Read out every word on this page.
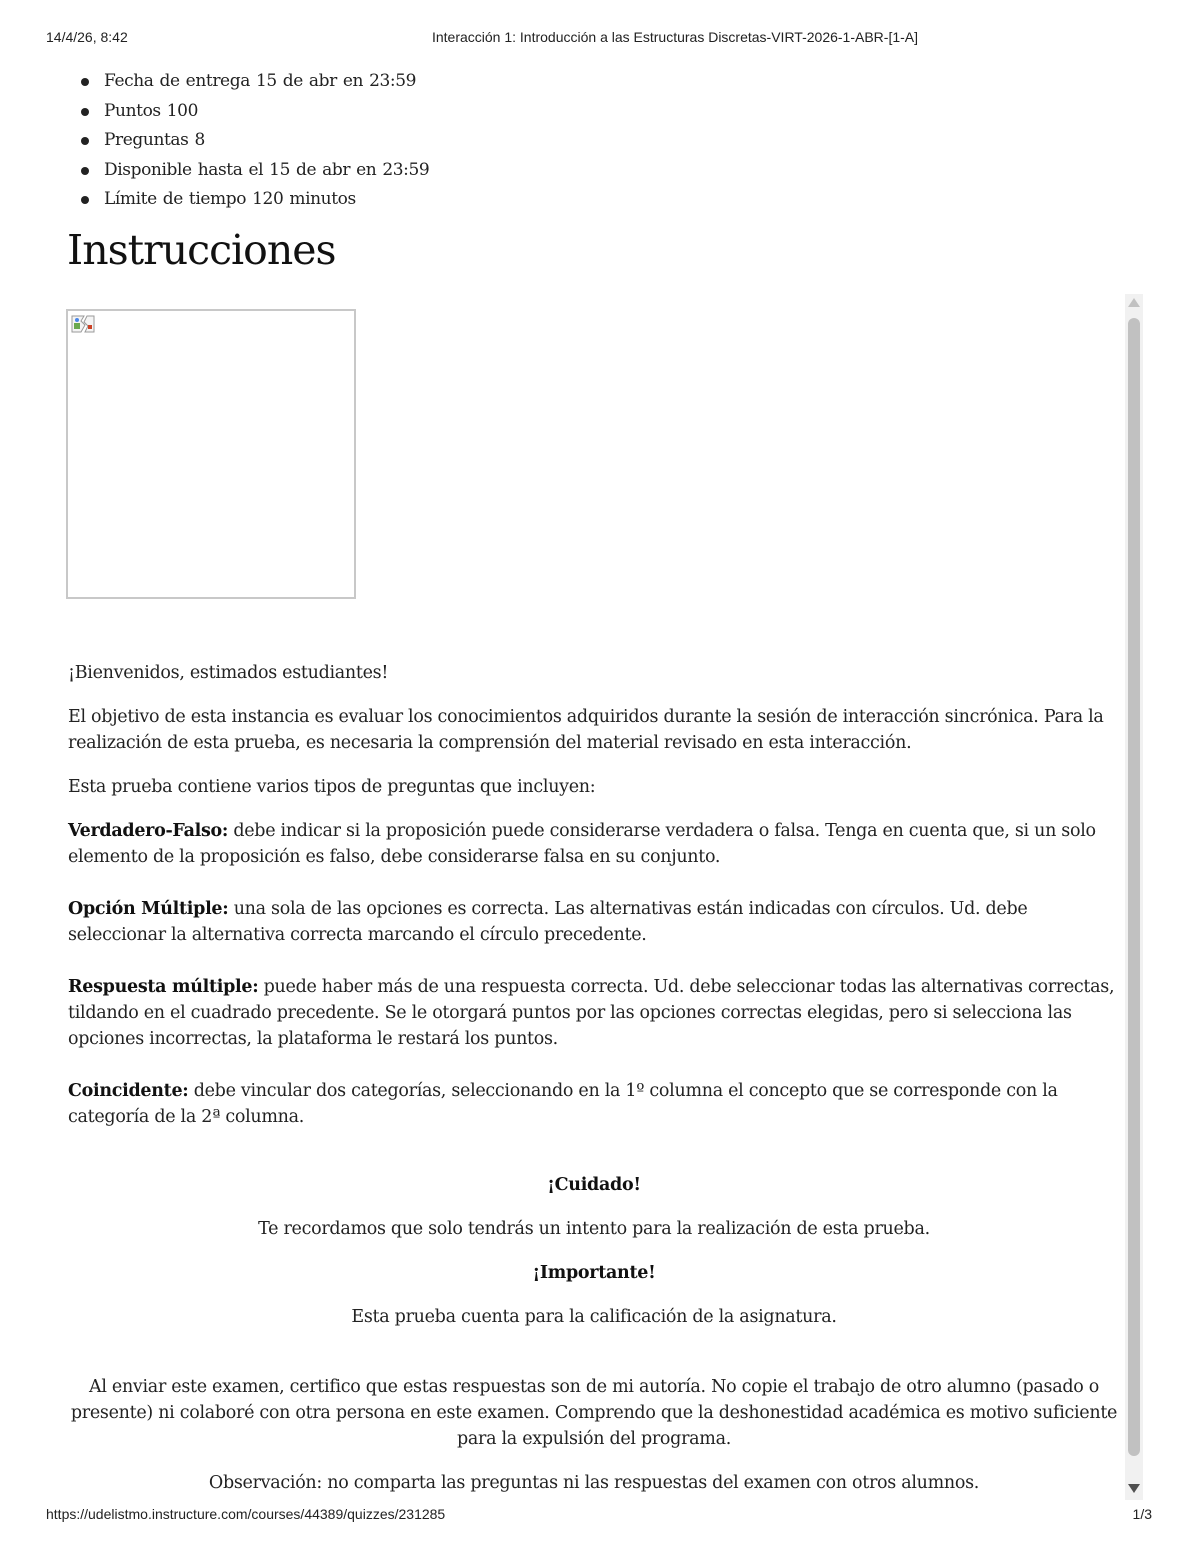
14/4/26, 8:42	Interacción 1: Introducción a las Estructuras Discretas-VIRT-2026-1-ABR-[1-A]
Fecha de entrega 15 de abr en 23:59
Puntos 100
Preguntas 8
Disponible hasta el 15 de abr en 23:59
Límite de tiempo 120 minutos
Instrucciones

¡Bienvenidos, estimados estudiantes!

El objetivo de esta instancia es evaluar los conocimientos adquiridos durante la sesión de interacción sincrónica. Para la realización de esta prueba, es necesaria la comprensión del material revisado en esta interacción.

Esta prueba contiene varios tipos de preguntas que incluyen:

Verdadero-Falso: debe indicar si la proposición puede considerarse verdadera o falsa. Tenga en cuenta que, si un solo elemento de la proposición es falso, debe considerarse falsa en su conjunto.

Opción Múltiple: una sola de las opciones es correcta. Las alternativas están indicadas con círculos. Ud. debe seleccionar la alternativa correcta marcando el círculo precedente.

Respuesta múltiple: puede haber más de una respuesta correcta. Ud. debe seleccionar todas las alternativas correctas, tildando en el cuadrado precedente. Se le otorgará puntos por las opciones correctas elegidas, pero si selecciona las opciones incorrectas, la plataforma le restará los puntos.

Coincidente: debe vincular dos categorías, seleccionando en la 1º columna el concepto que se corresponde con la categoría de la 2ª columna.

¡Cuidado!

Te recordamos que solo tendrás un intento para la realización de esta prueba.

¡Importante!

Esta prueba cuenta para la calificación de la asignatura.

Al enviar este examen, certifico que estas respuestas son de mi autoría. No copie el trabajo de otro alumno (pasado o presente) ni colaboré con otra persona en este examen. Comprendo que la deshonestidad académica es motivo suficiente para la expulsión del programa.

Observación: no comparta las preguntas ni las respuestas del examen con otros alumnos.

https://udelistmo.instructure.com/courses/44389/quizzes/231285	1/3
